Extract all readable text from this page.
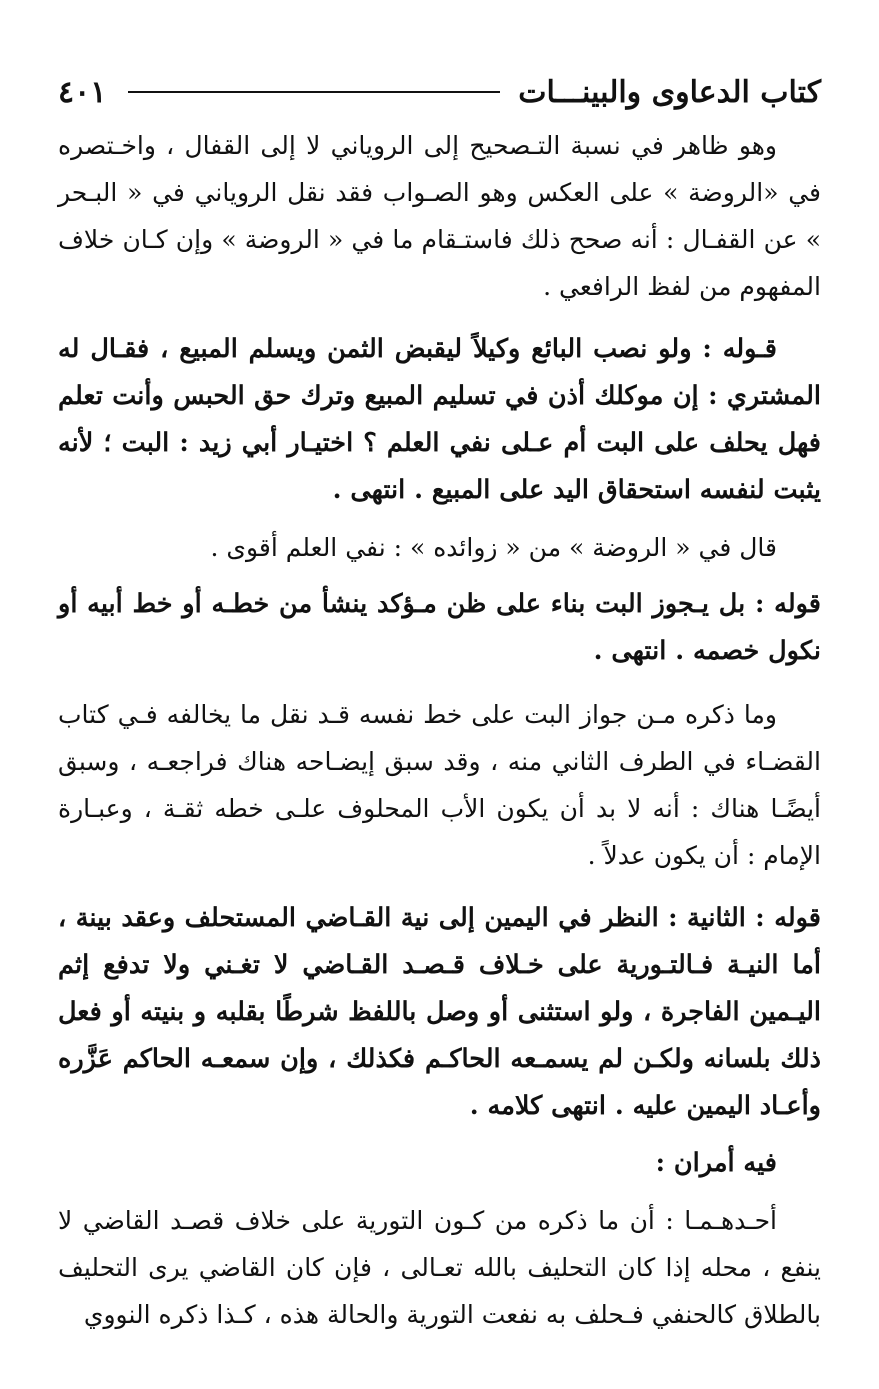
كتاب الدعاوى والبينـــات
٤٠١

وهو ظاهر في نسبة التـصحيح إلى الروياني لا إلى القفال ، واخـتصره في «الروضة » على العكس وهو الصـواب فقد نقل الروياني في « البـحر » عن القفـال : أنه صحح ذلك فاستـقام ما في « الروضة » وإن كـان خلاف المفهوم من لفظ الرافعي .

قـوله : ولو نصب البائع وكيلاً ليقبض الثمن ويسلم المبيع ، فقـال له المشتري : إن موكلك أذن في تسليم المبيع وترك حق الحبس وأنت تعلم فهل يحلف على البت أم عـلى نفي العلم ؟ اختيـار أبي زيد : البت ؛ لأنه يثبت لنفسه استحقاق اليد على المبيع . انتهى .

قال في « الروضة » من « زوائده » : نفي العلم أقوى .

قوله : بل يـجوز البت بناء على ظن مـؤكد ينشأ من خطـه أو خط أبيه أو نكول خصمه . انتهى .

وما ذكره مـن جواز البت على خط نفسه قـد نقل ما يخالفه فـي كتاب القضـاء في الطرف الثاني منه ، وقد سبق إيضـاحه هناك فراجعـه ، وسبق أيضًـا هناك : أنه لا بد أن يكون الأب المحلوف علـى خطه ثقـة ، وعبـارة الإمام : أن يكون عدلاً .

قوله : الثانية : النظر في اليمين إلى نية القـاضي المستحلف وعقد بينة ، أما النيـة فـالتـورية على خـلاف قـصـد القـاضي لا تغـني ولا تدفع إثم اليـمين الفاجرة ، ولو استثنى أو وصل باللفظ شرطًا بقلبه و بنيته أو فعل ذلك بلسانه ولكـن لم يسمـعه الحاكـم فكذلك ، وإن سمعـه الحاكم عَزَّره وأعـاد اليمين عليه . انتهى كلامه .

فيه أمران :

أحـدهـمـا : أن ما ذكره من كـون التورية على خلاف قصـد القاضي لا ينفع ، محله إذا كان التحليف بالله تعـالى ، فإن كان القاضي يرى التحليف بالطلاق كالحنفي فـحلف به نفعت التورية والحالة هذه ، كـذا ذكره النووي
